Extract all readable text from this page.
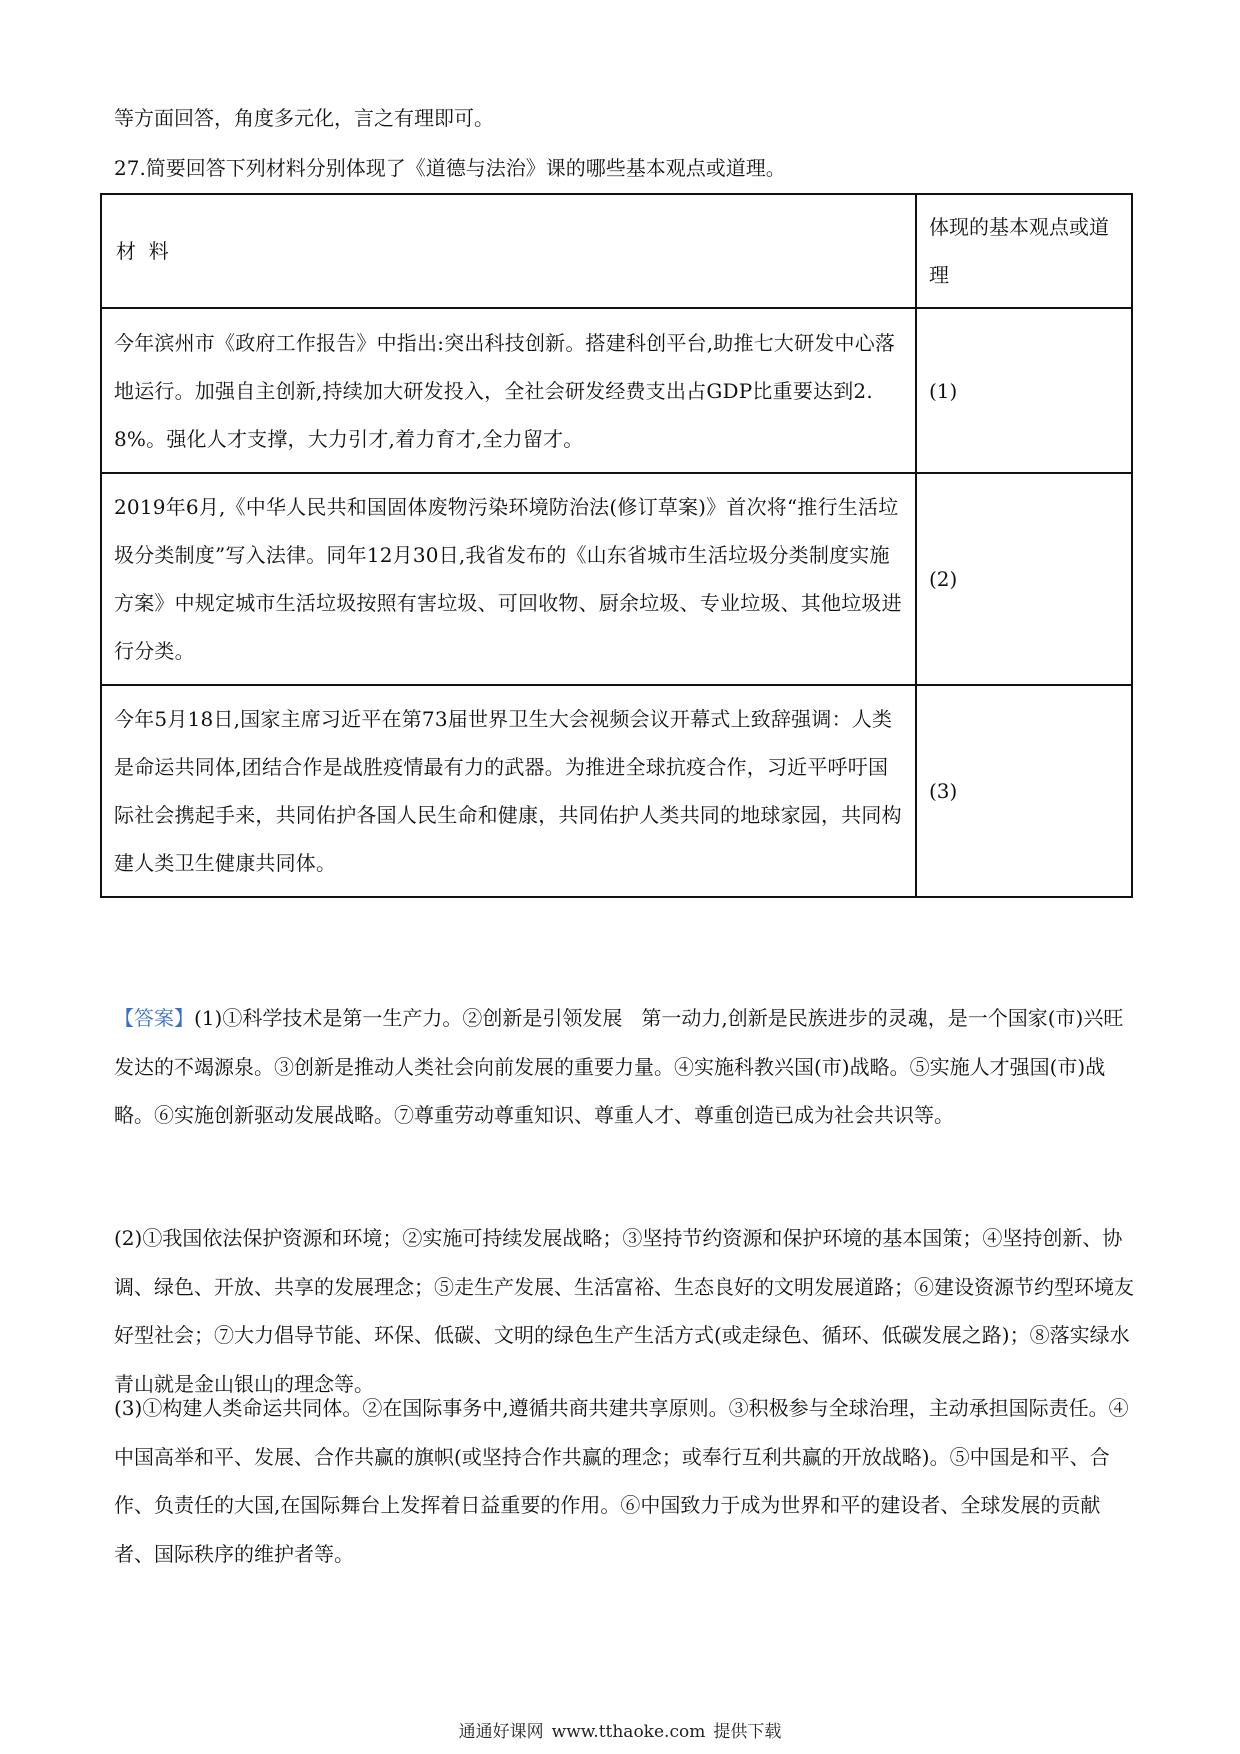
等方面回答，角度多元化，言之有理即可。
27.简要回答下列材料分别体现了《道德与法治》课的哪些基本观点或道理。
材  料	体现的基本观点或道理

今年滨州市《政府工作报告》中指出:突出科技创新。搭建科创平台,助推七大研发中心落地运行。加强自主创新,持续加大研发投入，全社会研发经费支出占GDP比重要达到2.8%。强化人才支撑，大力引才,着力育才,全力留才。	(1)

2019年6月,《中华人民共和国固体废物污染环境防治法(修订草案)》首次将“推行生活垃圾分类制度”写入法律。同年12月30日,我省发布的《山东省城市生活垃圾分类制度实施方案》中规定城市生活垃圾按照有害垃圾、可回收物、厨余垃圾、专业垃圾、其他垃圾进行分类。	(2)

今年5月18日,国家主席习近平在第73届世界卫生大会视频会议开幕式上致辞强调：人类是命运共同体,团结合作是战胜疫情最有力的武器。为推进全球抗疫合作，习近平呼吁国际社会携起手来，共同佑护各国人民生命和健康，共同佑护人类共同的地球家园，共同构建人类卫生健康共同体。	(3)

【答案】(1)①科学技术是第一生产力。②创新是引领发展   第一动力,创新是民族进步的灵魂，是一个国家(市)兴旺发达的不竭源泉。③创新是推动人类社会向前发展的重要力量。④实施科教兴国(市)战略。⑤实施人才强国(市)战略。⑥实施创新驱动发展战略。⑦尊重劳动尊重知识、尊重人才、尊重创造已成为社会共识等。

(2)①我国依法保护资源和环境；②实施可持续发展战略；③坚持节约资源和保护环境的基本国策；④坚持创新、协调、绿色、开放、共享的发展理念；⑤走生产发展、生活富裕、生态良好的文明发展道路；⑥建设资源节约型环境友好型社会；⑦大力倡导节能、环保、低碳、文明的绿色生产生活方式(或走绿色、循环、低碳发展之路)；⑧落实绿水青山就是金山银山的理念等。

(3)①构建人类命运共同体。②在国际事务中,遵循共商共建共享原则。③积极参与全球治理，主动承担国际责任。④中国高举和平、发展、合作共赢的旗帜(或坚持合作共赢的理念；或奉行互利共赢的开放战略)。⑤中国是和平、合作、负责任的大国,在国际舞台上发挥着日益重要的作用。⑥中国致力于成为世界和平的建设者、全球发展的贡献者、国际秩序的维护者等。

通通好课网 www.tthaoke.com 提供下载
